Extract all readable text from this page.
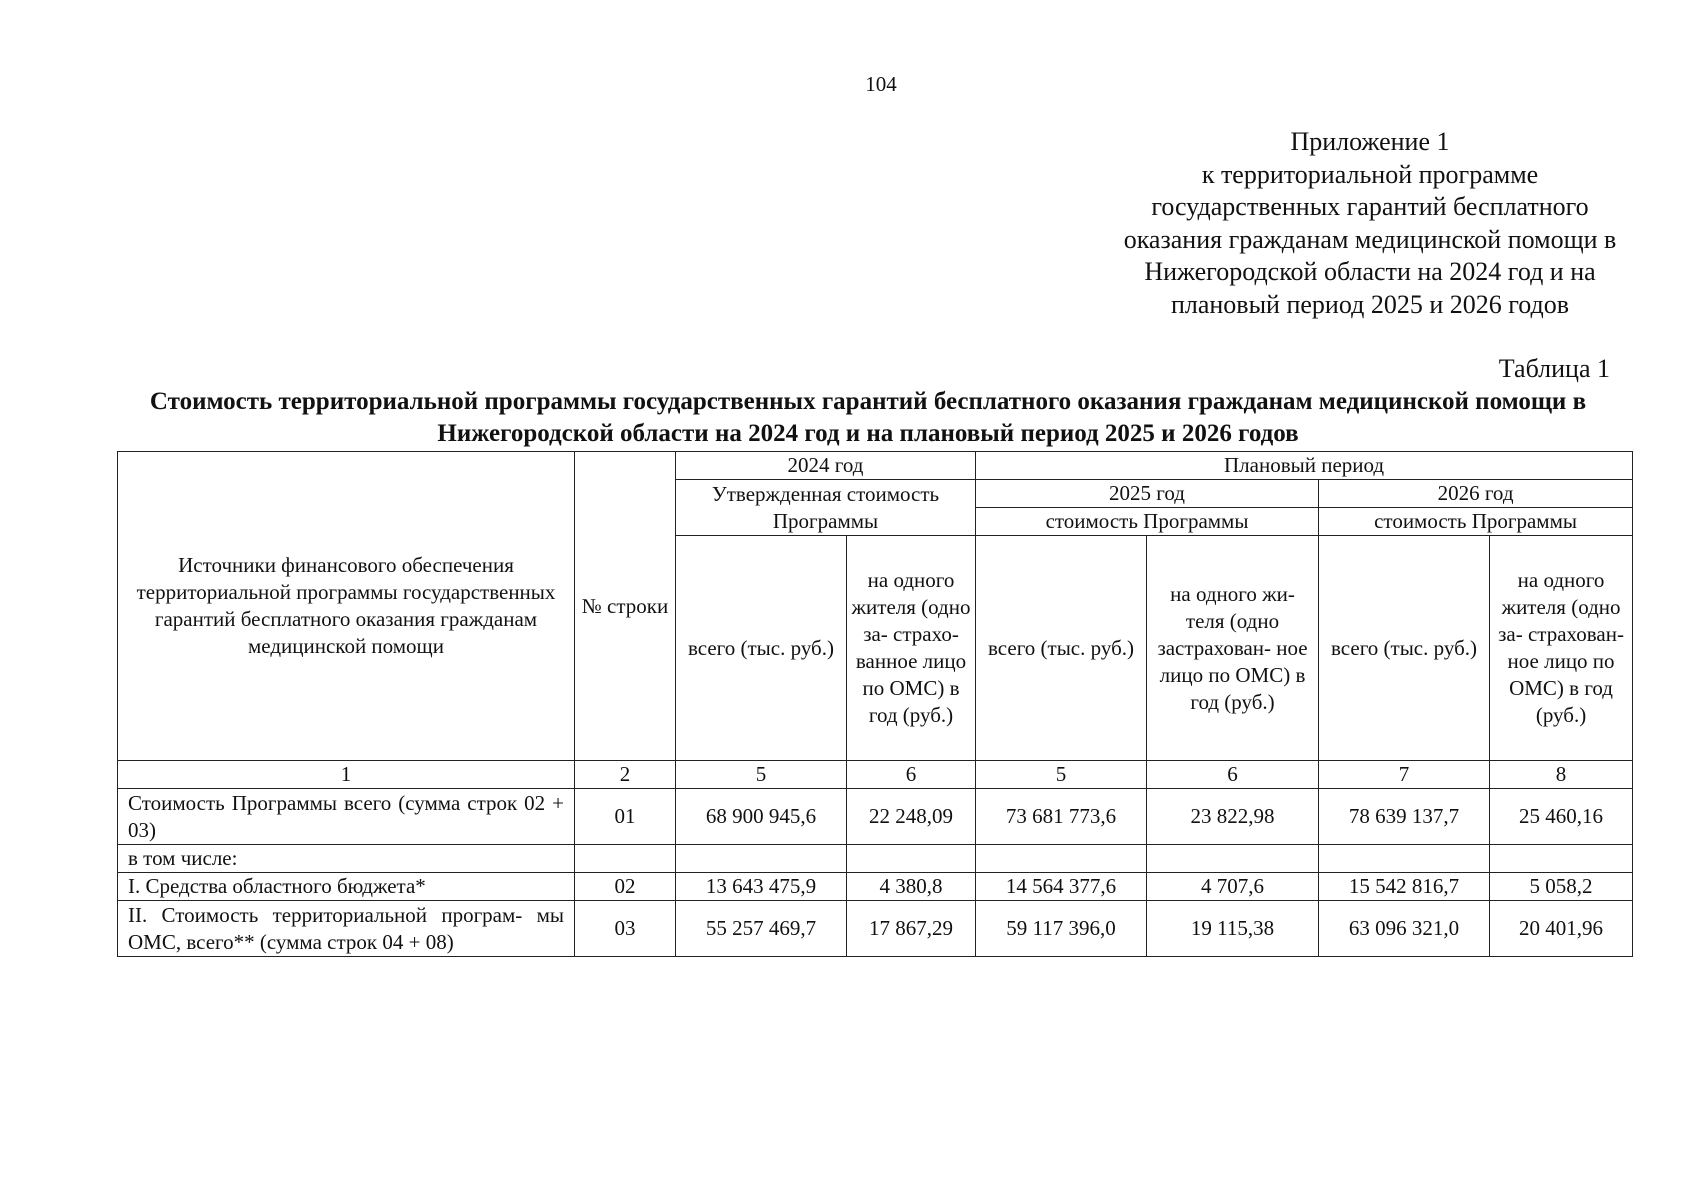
104
Приложение 1
к территориальной программе
государственных гарантий бесплатного
оказания гражданам медицинской помощи в
Нижегородской области на 2024 год и на
плановый период 2025 и 2026 годов
Таблица 1
Стоимость территориальной программы государственных гарантий бесплатного оказания гражданам медицинской помощи в Нижегородской области на 2024 год и на плановый период 2025 и 2026 годов
Источники финансового обеспечения территориальной программы государственных гарантий бесплатного оказания гражданам медицинской помощи	№ строки	2024 год		Плановый период			
		Утвержденная стоимость Программы		2025 год		2026 год	
				стоимость Программы		стоимость Программы	
		всего (тыс. руб.)	на одного жителя (одно за- страхо- ванное лицо по ОМС) в год (руб.)	всего (тыс. руб.)	на одного жи- теля (одно застрахован- ное лицо по ОМС) в год (руб.)	всего (тыс. руб.)	на одного жителя (одно за- страхован- ное лицо по ОМС) в год (руб.)
1	2	5	6	5	6	7	8
Стоимость Программы всего (сумма строк 02 + 03)	01	68 900 945,6	22 248,09	73 681 773,6	23 822,98	78 639 137,7	25 460,16
в том числе:							
I. Средства областного бюджета*	02	13 643 475,9	4 380,8	14 564 377,6	4 707,6	15 542 816,7	5 058,2
II. Стоимость территориальной програм- мы ОМС, всего** (сумма строк 04 + 08)	03	55 257 469,7	17 867,29	59 117 396,0	19 115,38	63 096 321,0	20 401,96
